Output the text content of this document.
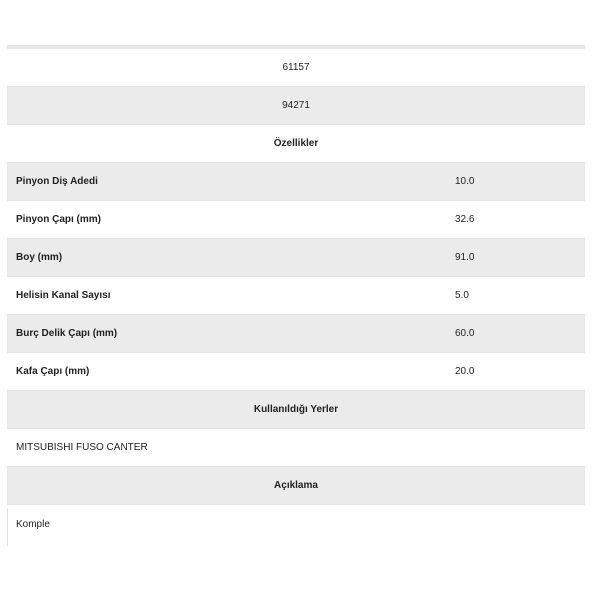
61157
94271
Özellikler
Pinyon Diş Adedi	10.0
Pinyon Çapı (mm)	32.6
Boy (mm)	91.0
Helisin Kanal Sayısı	5.0
Burç Delik Çapı (mm)	60.0
Kafa Çapı (mm)	20.0
Kullanıldığı Yerler
MITSUBISHI FUSO CANTER
Açıklama
Komple
